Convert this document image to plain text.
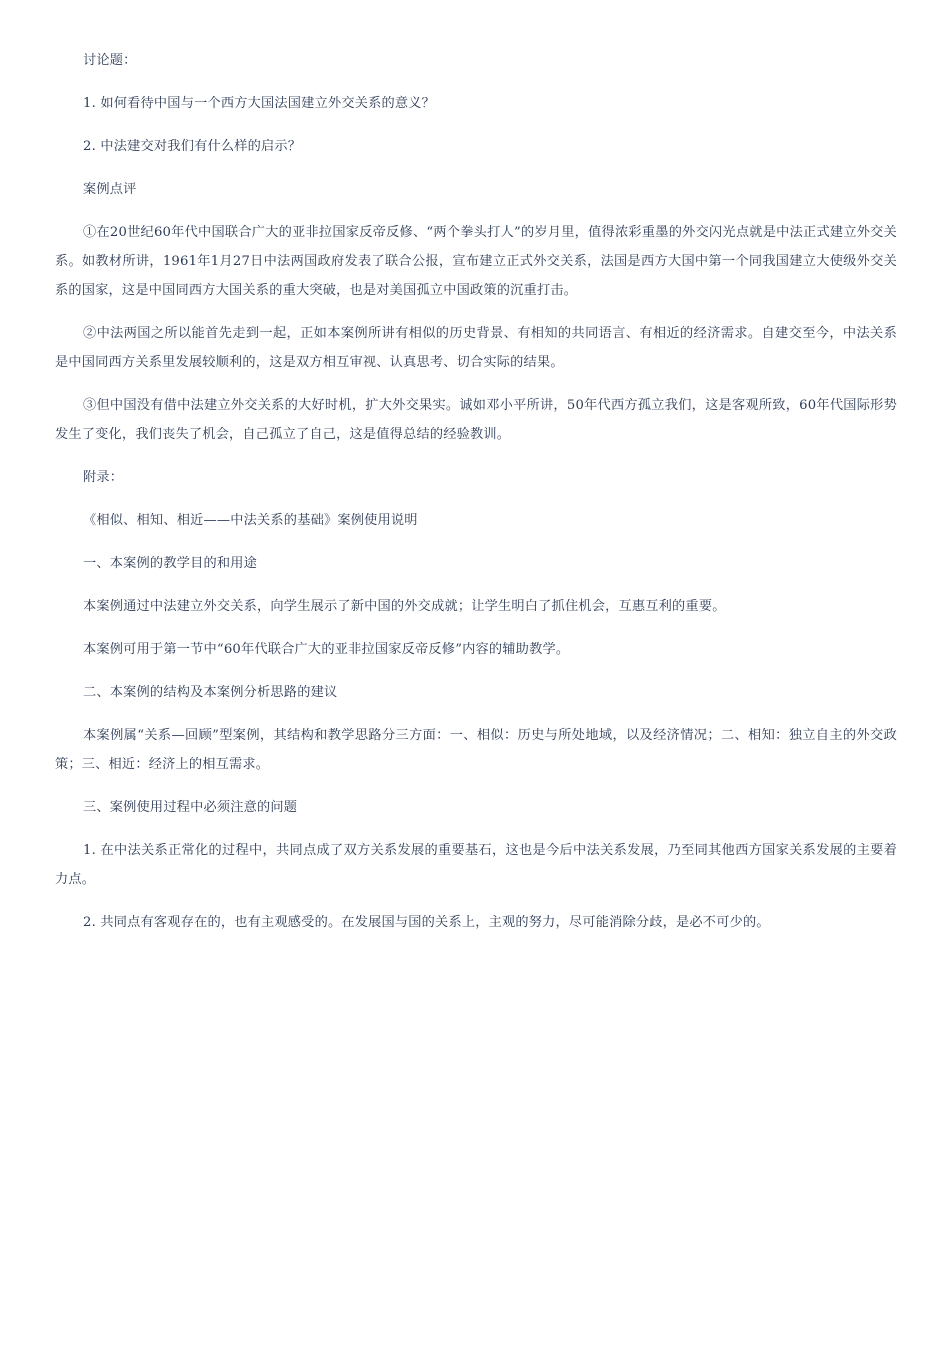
讨论题：

1. 如何看待中国与一个西方大国法国建立外交关系的意义？

2. 中法建交对我们有什么样的启示？

案例点评

①在20世纪60年代中国联合广大的亚非拉国家反帝反修、“两个拳头打人”的岁月里，值得浓彩重墨的外交闪光点就是中法正式建立外交关系。如教材所讲，1961年1月27日中法两国政府发表了联合公报，宣布建立正式外交关系，法国是西方大国中第一个同我国建立大使级外交关系的国家，这是中国同西方大国关系的重大突破，也是对美国孤立中国政策的沉重打击。

②中法两国之所以能首先走到一起，正如本案例所讲有相似的历史背景、有相知的共同语言、有相近的经济需求。自建交至今，中法关系是中国同西方关系里发展较顺利的，这是双方相互审视、认真思考、切合实际的结果。

③但中国没有借中法建立外交关系的大好时机，扩大外交果实。诚如邓小平所讲，50年代西方孤立我们，这是客观所致，60年代国际形势发生了变化，我们丧失了机会，自己孤立了自己，这是值得总结的经验教训。

附录：

《相似、相知、相近——中法关系的基础》案例使用说明

一、本案例的教学目的和用途

本案例通过中法建立外交关系，向学生展示了新中国的外交成就；让学生明白了抓住机会，互惠互利的重要。

本案例可用于第一节中“60年代联合广大的亚非拉国家反帝反修”内容的辅助教学。

二、本案例的结构及本案例分析思路的建议

本案例属“关系—回顾”型案例，其结构和教学思路分三方面：一、相似：历史与所处地域，以及经济情况；二、相知：独立自主的外交政策；三、相近：经济上的相互需求。

三、案例使用过程中必须注意的问题

1. 在中法关系正常化的过程中，共同点成了双方关系发展的重要基石，这也是今后中法关系发展，乃至同其他西方国家关系发展的主要着力点。

2. 共同点有客观存在的，也有主观感受的。在发展国与国的关系上，主观的努力，尽可能消除分歧，是必不可少的。
